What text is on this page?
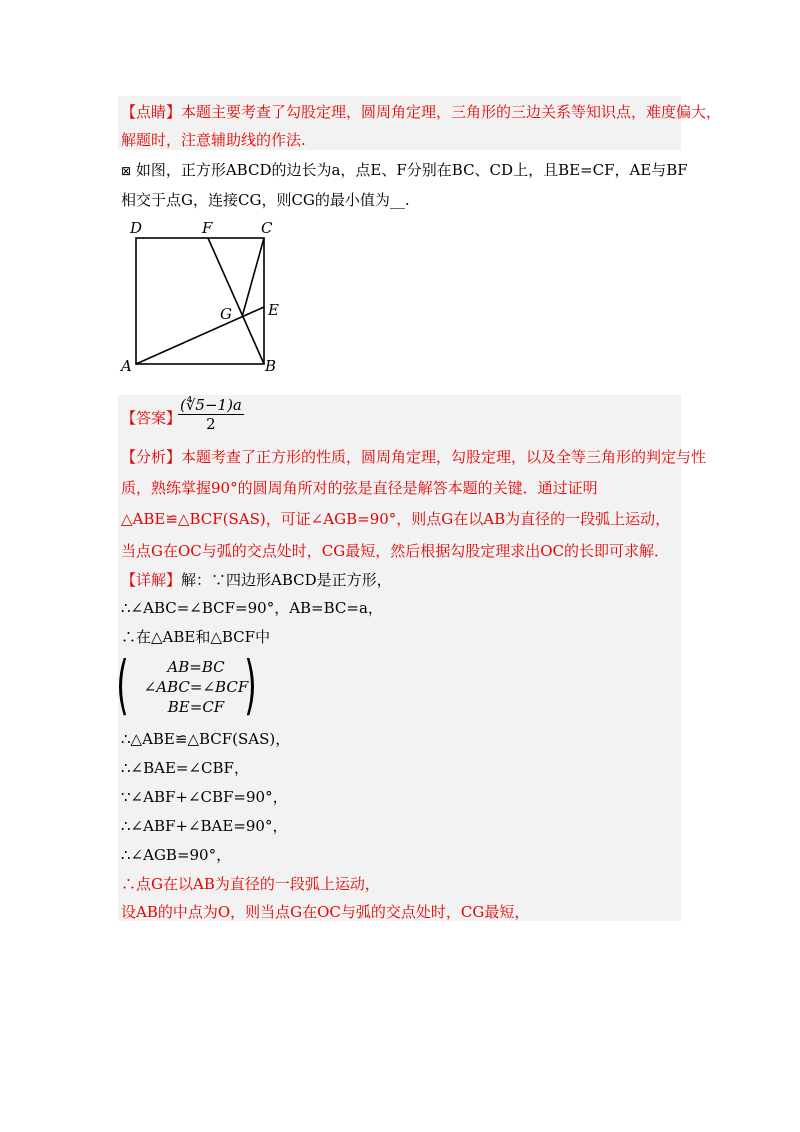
【点睛】本题主要考查了勾股定理，圆周角定理，三角形的三边关系等知识点，难度偏大，
解题时，注意辅助线的作法.
⊠ 如图，正方形ABCD的边长为a，点E、F分别在BC、CD上，且BE=CF，AE与BF
相交于点G，连接CG，则CG的最小值为__.
D	F	C
G E
A	B
【答案】
$\frac{(∜5-1)a}{2}$
【分析】本题考查了正方形的性质，圆周角定理，勾股定理，以及全等三角形的判定与性
质，熟练掌握90°的圆周角所对的弦是直径是解答本题的关键．通过证明
△ABE≌△BCF(SAS)，可证∠AGB=90°，则点G在以AB为直径的一段弧上运动，
当点G在OC与弧的交点处时，CG最短，然后根据勾股定理求出OC的长即可求解．
【详解】解：∵四边形ABCD是正方形，
∴∠ABC=∠BCF=90°，AB=BC=a，
∴在△ABE和△BCF中
(	AB=BC
∠ABC=∠BCF
BE=CF )
∴△ABE≌△BCF(SAS)，
∴∠BAE=∠CBF，
∵∠ABF+∠CBF=90°，
∴∠ABF+∠BAE=90°，
∴∠AGB=90°，
∴点G在以AB为直径的一段弧上运动，
设AB的中点为O，则当点G在OC与弧的交点处时，CG最短，
